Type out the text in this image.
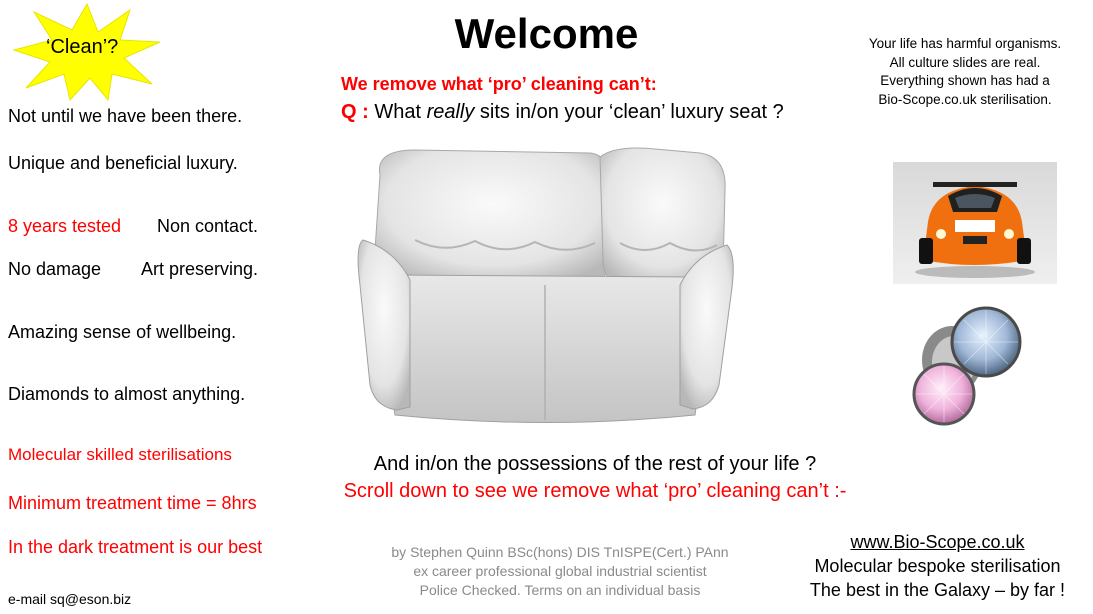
‘Clean’?	Welcome
Not until we have been there.
Unique and beneficial luxury.
8 years tested Non contact.
No damage Art preserving.
Amazing sense of wellbeing.
Diamonds to almost anything.
Molecular skilled sterilisations
Minimum treatment time = 8hrs
In the dark treatment is our best
We remove what ‘pro’ cleaning can’t:
Q : What really sits in/on your ‘clean’ luxury seat ?
Your life has harmful organisms.
All culture slides are real.
Everything shown has had a
Bio-Scope.co.uk sterilisation.
And in/on the possessions of the rest of your life ?
Scroll down to see we remove what ‘pro’ cleaning can’t :-
by Stephen Quinn BSc(hons) DIS TnISPE(Cert.) PAnn
ex career professional global industrial scientist
Police Checked. Terms on an individual basis
www.Bio-Scope.co.uk
Molecular bespoke sterilisation
The best in the Galaxy – by far !
e-mail sq@eson.biz
